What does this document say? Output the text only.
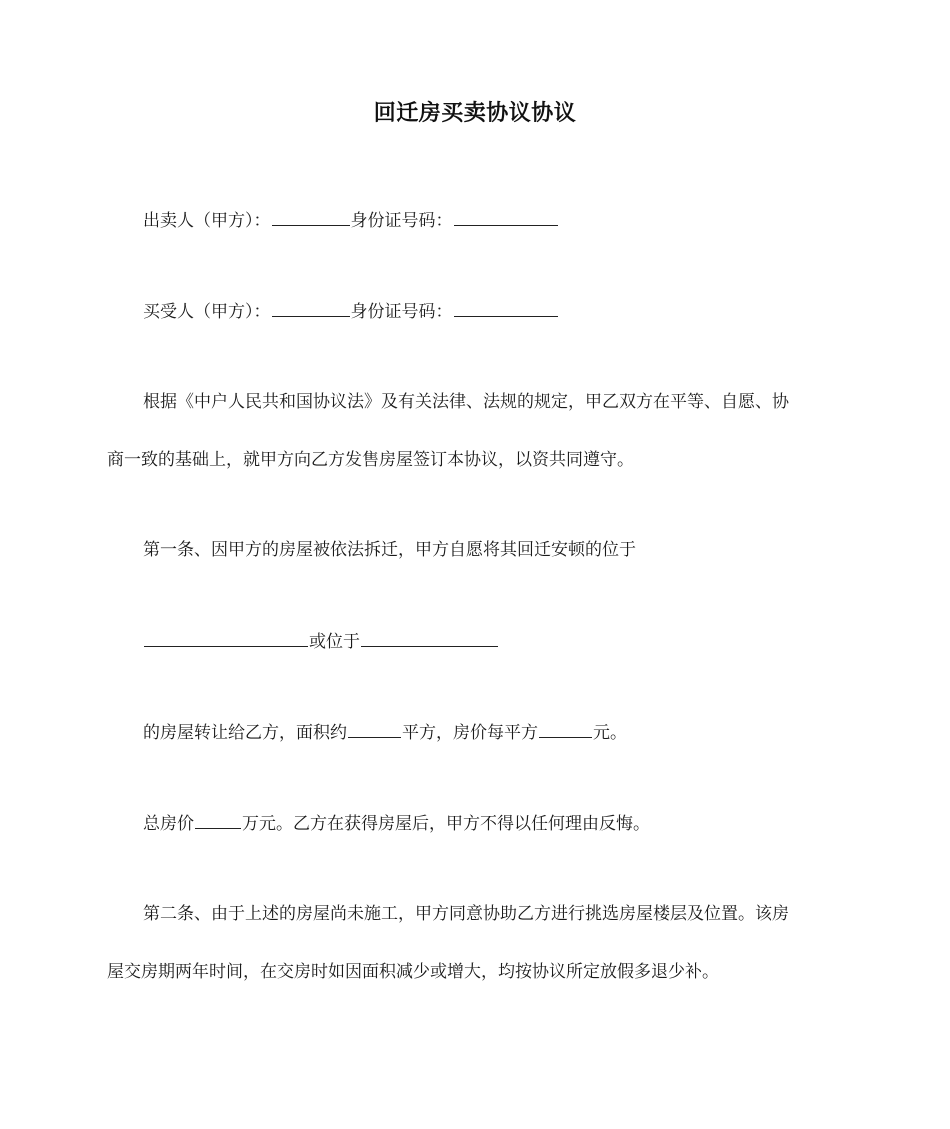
回迁房买卖协议协议
出卖人（甲方）：	身份证号码：
买受人（甲方）：	身份证号码：
根据《中户人民共和国协议法》及有关法律、法规的规定，甲乙双方在平等、自愿、协
商一致的基础上，就甲方向乙方发售房屋签订本协议，以资共同遵守。
第一条、因甲方的房屋被依法拆迁，甲方自愿将其回迁安顿的位于
或位于
的房屋转让给乙方，面积约	平方，房价每平方	元。
总房价	万元。乙方在获得房屋后，甲方不得以任何理由反悔。
第二条、由于上述的房屋尚未施工，甲方同意协助乙方进行挑选房屋楼层及位置。该房
屋交房期两年时间，在交房时如因面积减少或增大，均按协议所定放假多退少补。
